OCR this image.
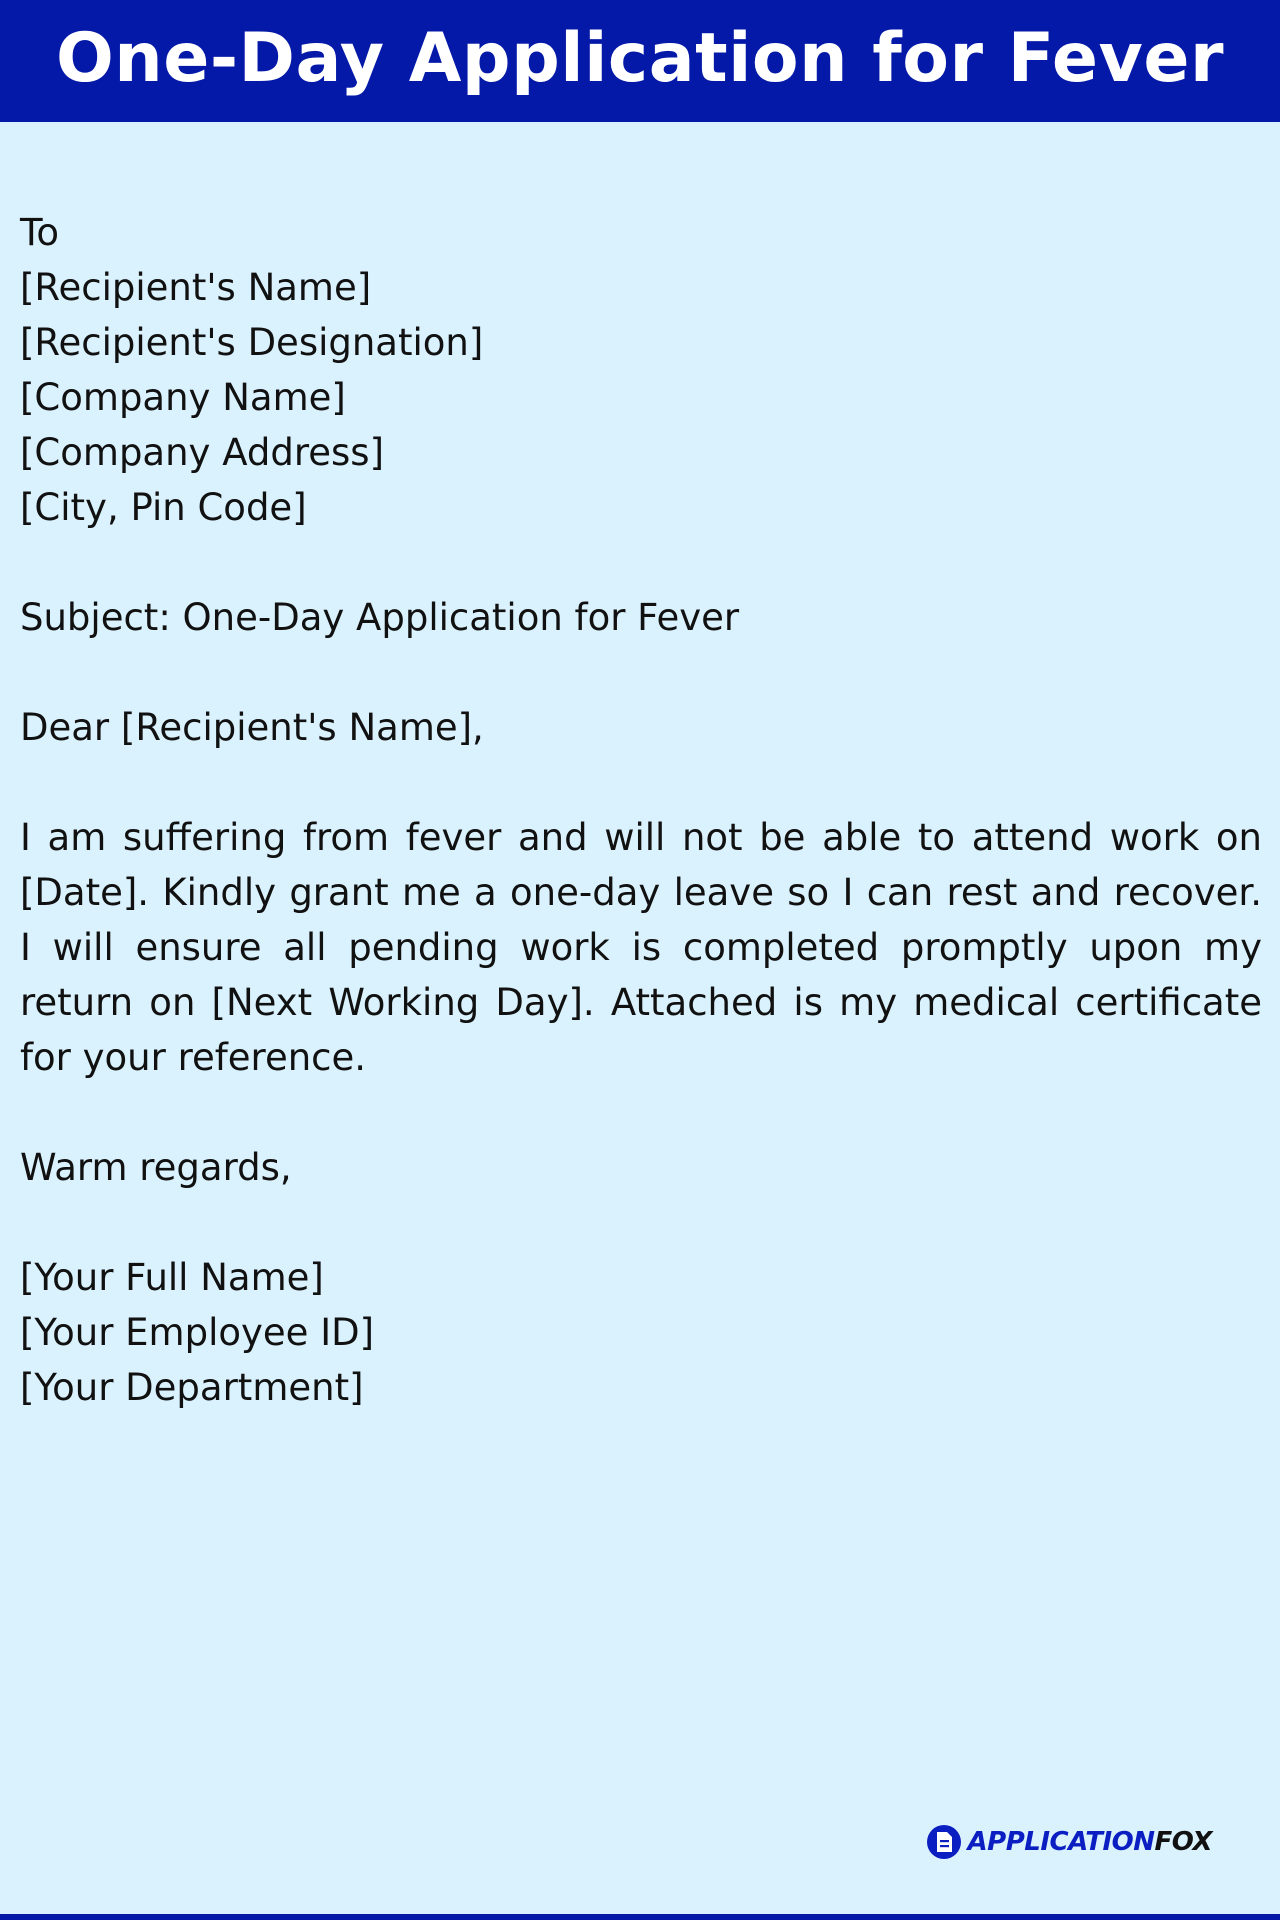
One-Day Application for Fever
To
[Recipient's Name]
[Recipient's Designation]
[Company Name]
[Company Address]
[City, Pin Code]
Subject: One-Day Application for Fever
Dear [Recipient's Name],
I am suffering from fever and will not be able to attend work on [Date]. Kindly grant me a one-day leave so I can rest and recover. I will ensure all pending work is completed promptly upon my return on [Next Working Day]. Attached is my medical certificate for your reference.
Warm regards,
[Your Full Name]
[Your Employee ID]
[Your Department]
APPLICATIONFOX
